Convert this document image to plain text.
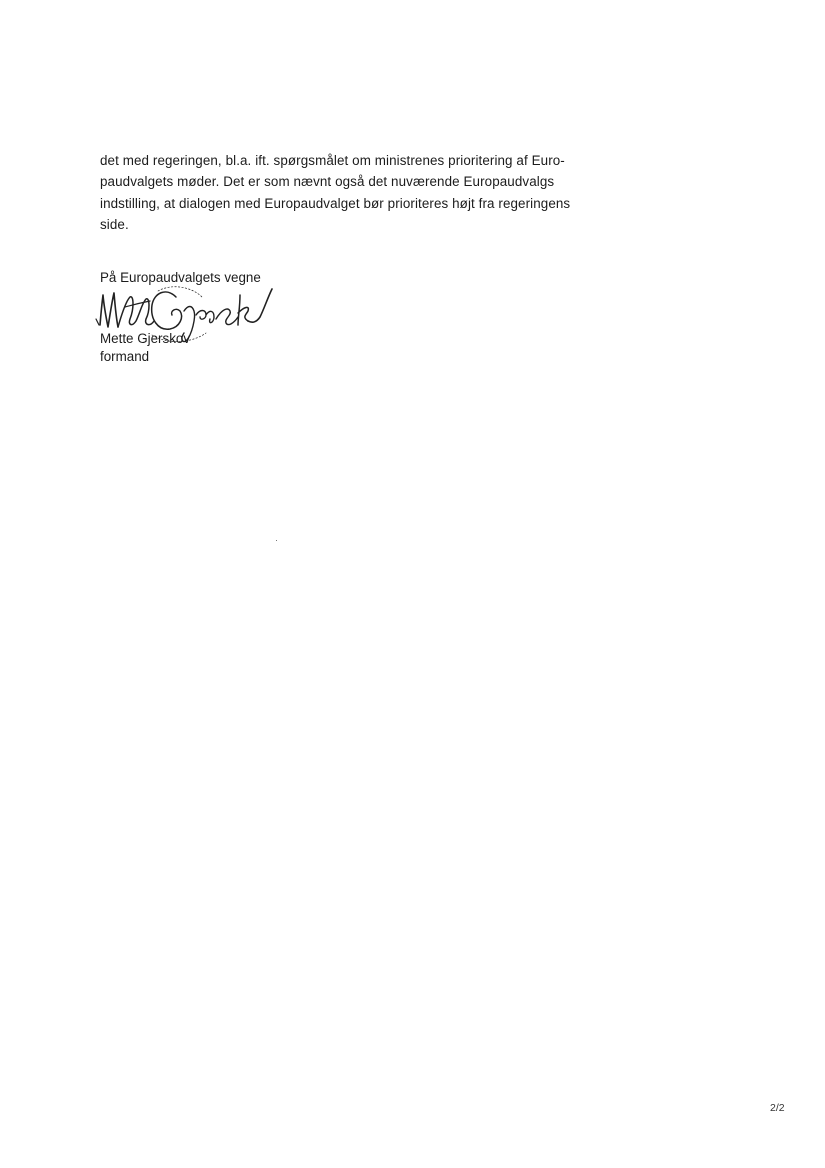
det med regeringen, bl.a. ift. spørgsmålet om ministrenes prioritering af Euro-
paudvalgets møder. Det er som nævnt også det nuværende Europaudvalgs
indstilling, at dialogen med Europaudvalget bør prioriteres højt fra regeringens
side.

På Europaudvalgets vegne
Mette Gjerskov
formand
2/2
